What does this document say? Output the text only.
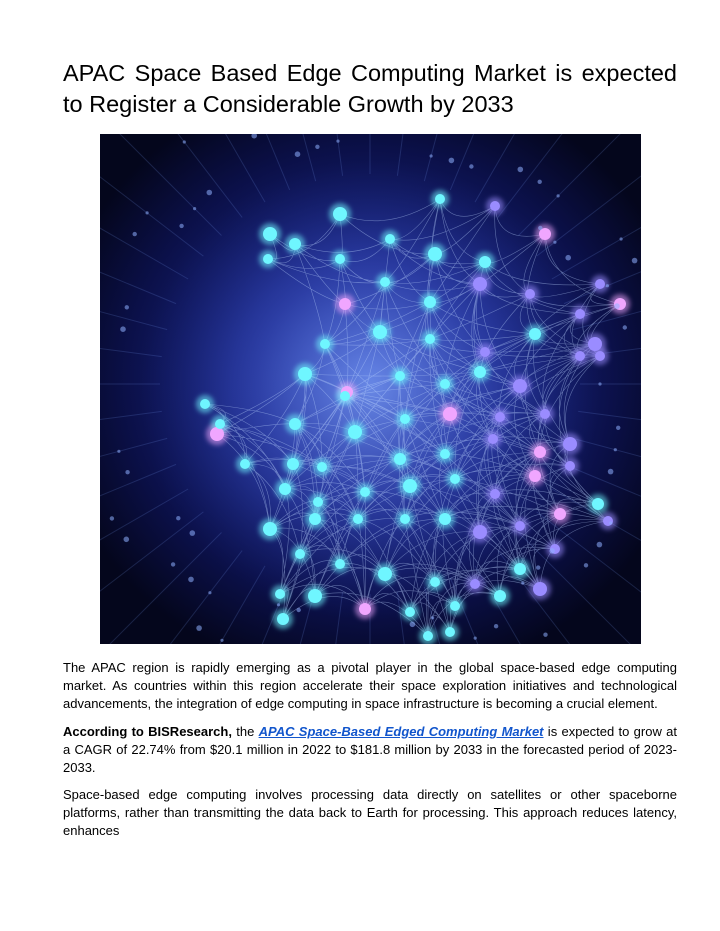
APAC Space Based Edge Computing Market is expected to Register a Considerable Growth by 2033

The APAC region is rapidly emerging as a pivotal player in the global space-based edge computing market. As countries within this region accelerate their space exploration initiatives and technological advancements, the integration of edge computing in space infrastructure is becoming a crucial element.

According to BISResearch, the APAC Space-Based Edged Computing Market is expected to grow at a CAGR of 22.74% from $20.1 million in 2022 to $181.8 million by 2033 in the forecasted period of 2023-2033.

Space-based edge computing involves processing data directly on satellites or other spaceborne platforms, rather than transmitting the data back to Earth for processing. This approach reduces latency, enhances
